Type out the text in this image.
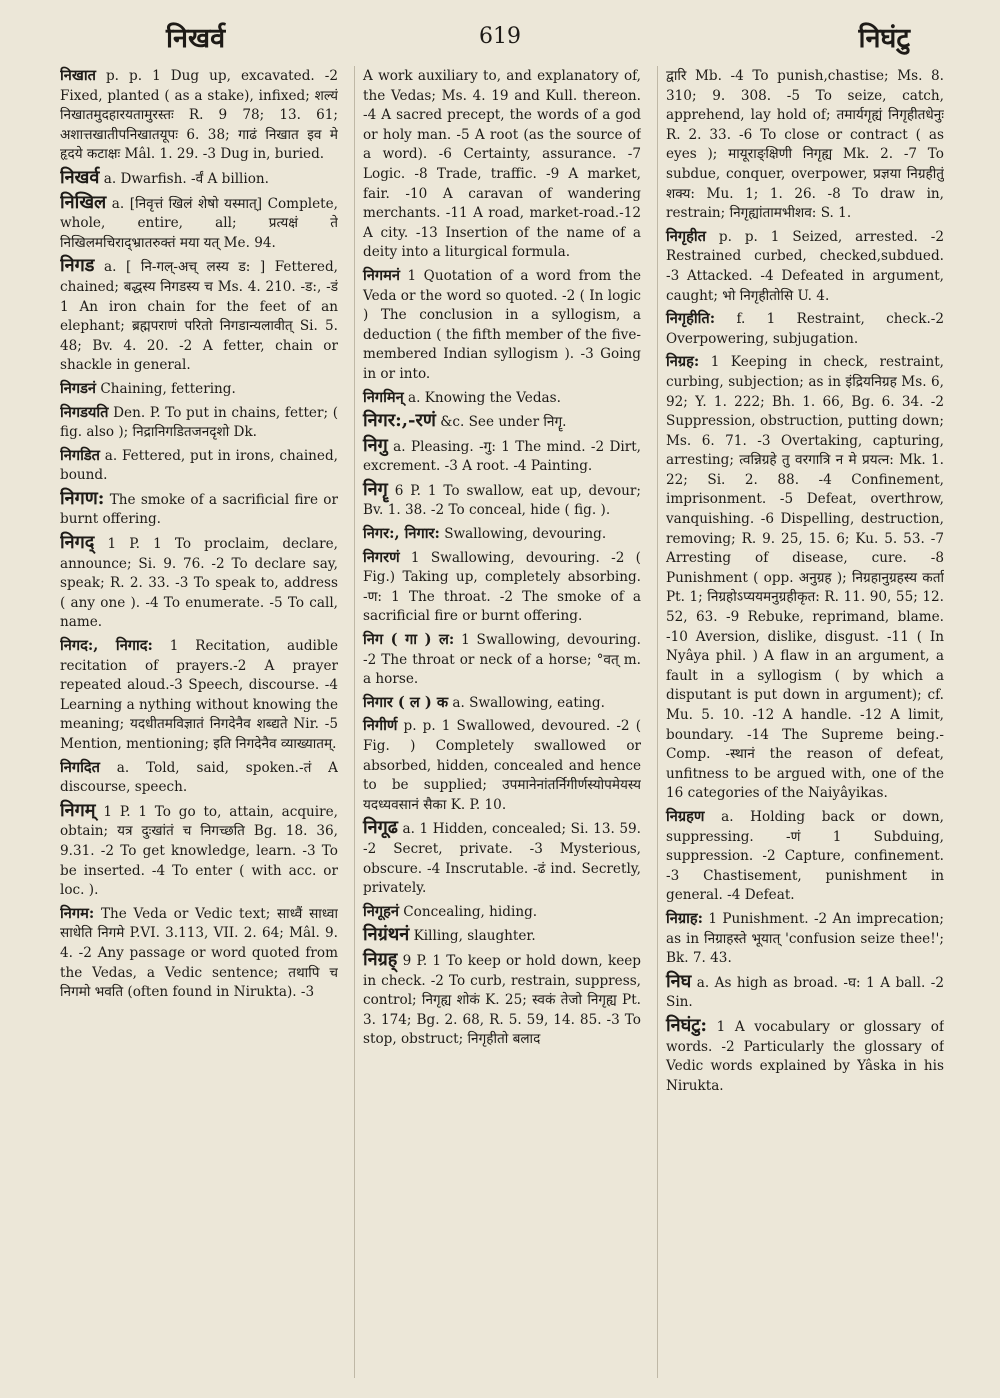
निखर्व	619	निघंटु

निखात p. p. 1 Dug up, excavated. -2 Fixed, planted ( as a stake), infixed; शल्यं निखातमुदहारयतामुरस्तः R. 9 78; 13. 61; अशात्तखातीपनिखातयूपः 6. 38; गाढं निखात इव मे हृदये कटाक्षः Mâl. 1. 29. -3 Dug in, buried.

निखर्व a. Dwarfish. -र्वं A billion.

निखिल a. [निवृत्तं खिलं शेषो यस्मात्] Complete, whole, entire, all; प्रत्यक्षं ते निखिलमचिराद्भ्रातरुक्तं मया यत् Me. 94.

निगड a. [ नि-गल्-अच् लस्य ड: ] Fettered, chained; बद्धस्य निगडस्य च Ms. 4. 210. -ड:, -डं 1 An iron chain for the feet of an elephant; ब्रह्मपराणं परितो निगडान्यलावीत् Si. 5. 48; Bv. 4. 20. -2 A fetter, chain or shackle in general.

निगडनं Chaining, fettering.

निगडयति Den. P. To put in chains, fetter; ( fig. also ); निद्रानिगडितजनदृशो Dk.

निगडित a. Fettered, put in irons, chained, bound.

निगण: The smoke of a sacrificial fire or burnt offering.

निगद् 1 P. 1 To proclaim, declare, announce; Si. 9. 76. -2 To declare say, speak; R. 2. 33. -3 To speak to, address ( any one ). -4 To enumerate. -5 To call, name.

निगद:, निगाद: 1 Recitation, audible recitation of prayers.-2 A prayer repeated aloud.-3 Speech, discourse. -4 Learning a nything without knowing the meaning; यदधीतमविज्ञातं निगदेनैव शब्द्यते Nir. -5 Mention, mentioning; इति निगदेनैव व्याख्यातम्.

निगदित a. Told, said, spoken.-तं A discourse, speech.

निगम् 1 P. 1 To go to, attain, acquire, obtain; यत्र दुःखांतं च निगच्छति Bg. 18. 36, 9.31. -2 To get knowledge, learn. -3 To be inserted. -4 To enter ( with acc. or loc. ).

निगम: The Veda or Vedic text; साध्वैं साध्वा साधेति निगमे P.VI. 3.113, VII. 2. 64; Mâl. 9. 4. -2 Any passage or word quoted from the Vedas, a Vedic sentence; तथापि च निगमो भवति (often found in Nirukta). -3

A work auxiliary to, and explanatory of, the Vedas; Ms. 4. 19 and Kull. thereon. -4 A sacred precept, the words of a god or holy man. -5 A root (as the source of a word). -6 Certainty, assurance. -7 Logic. -8 Trade, traffic. -9 A market, fair. -10 A caravan of wandering merchants. -11 A road, market-road.-12 A city. -13 Insertion of the name of a deity into a liturgical formula.

निगमनं 1 Quotation of a word from the Veda or the word so quoted. -2 ( In logic ) The conclusion in a syllogism, a deduction ( the fifth member of the five-membered Indian syllogism ). -3 Going in or into.

निगमिन् a. Knowing the Vedas.

निगर:,-रणं &c. See under निगॄ.

निगु a. Pleasing. -गु: 1 The mind. -2 Dirt, excrement. -3 A root. -4 Painting.

निगॄ 6 P. 1 To swallow, eat up, devour; Bv. 1. 38. -2 To conceal, hide ( fig. ).

निगर:, निगार: Swallowing, devouring.

निगरणं 1 Swallowing, devouring. -2 ( Fig.) Taking up, completely absorbing. -ण: 1 The throat. -2 The smoke of a sacrificial fire or burnt offering.

निग ( गा ) ल: 1 Swallowing, devouring. -2 The throat or neck of a horse; °वत् m. a horse.

निगार ( ल ) क a. Swallowing, eating.

निगीर्ण p. p. 1 Swallowed, devoured. -2 ( Fig. ) Completely swallowed or absorbed, hidden, concealed and hence to be supplied; उपमानेनांतर्निगीर्णस्योपमेयस्य यदध्यवसानं सैका K. P. 10.

निगूढ a. 1 Hidden, concealed; Si. 13. 59. -2 Secret, private. -3 Mysterious, obscure. -4 Inscrutable. -ढं ind. Secretly, privately.

निगूहनं Concealing, hiding.

निग्रंथनं Killing, slaughter.

निग्रह् 9 P. 1 To keep or hold down, keep in check. -2 To curb, restrain, suppress, control; निगृह्य शोकं K. 25; स्वकं तेजो निगृह्य Pt. 3. 174; Bg. 2. 68, R. 5. 59, 14. 85. -3 To stop, obstruct; निगृहीतो बलाद

द्वारि Mb. -4 To punish,chastise; Ms. 8. 310; 9. 308. -5 To seize, catch, apprehend, lay hold of; तमार्यगृह्यं निगृहीतधेनुः R. 2. 33. -6 To close or contract ( as eyes ); मायूराङ्क्षिणी निगृह्य Mk. 2. -7 To subdue, conquer, overpower, प्रज्ञया निग्रहीतुं शक्य: Mu. 1; 1. 26. -8 To draw in, restrain; निगृह्यांतामभीशव: S. 1.

निगृहीत p. p. 1 Seized, arrested. -2 Restrained curbed, checked,subdued. -3 Attacked. -4 Defeated in argument, caught; भो निगृहीतोसि U. 4.

निगृहीति: f. 1 Restraint, check.-2 Overpowering, subjugation.

निग्रह: 1 Keeping in check, restraint, curbing, subjection; as in इंद्रियनिग्रह Ms. 6, 92; Y. 1. 222; Bh. 1. 66, Bg. 6. 34. -2 Suppression, obstruction, putting down; Ms. 6. 71. -3 Overtaking, capturing, arresting; त्वन्निग्रहे तु वरगात्रि न मे प्रयत्न: Mk. 1. 22; Si. 2. 88. -4 Confinement, imprisonment. -5 Defeat, overthrow, vanquishing. -6 Dispelling, destruction, removing; R. 9. 25, 15. 6; Ku. 5. 53. -7 Arresting of disease, cure. -8 Punishment ( opp. अनुग्रह ); निग्रहानुग्रहस्य कर्ता Pt. 1; निग्रहोऽप्ययमनुग्रहीकृत: R. 11. 90, 55; 12. 52, 63. -9 Rebuke, reprimand, blame. -10 Aversion, dislike, disgust. -11 ( In Nyâya phil. ) A flaw in an argument, a fault in a syllogism ( by which a disputant is put down in argument); cf. Mu. 5. 10. -12 A handle. -12 A limit, boundary. -14 The Supreme being.-Comp. -स्थानं the reason of defeat, unfitness to be argued with, one of the 16 categories of the Naiyâyikas.

निग्रहण a. Holding back or down, suppressing. -णं 1 Subduing, suppression. -2 Capture, confinement. -3 Chastisement, punishment in general. -4 Defeat.

निग्राह: 1 Punishment. -2 An imprecation; as in निग्राहस्ते भूयात् 'confusion seize thee!'; Bk. 7. 43.

निघ a. As high as broad. -घ: 1 A ball. -2 Sin.

निघंटु: 1 A vocabulary or glossary of words. -2 Particularly the glossary of Vedic words explained by Yâska in his Nirukta.
